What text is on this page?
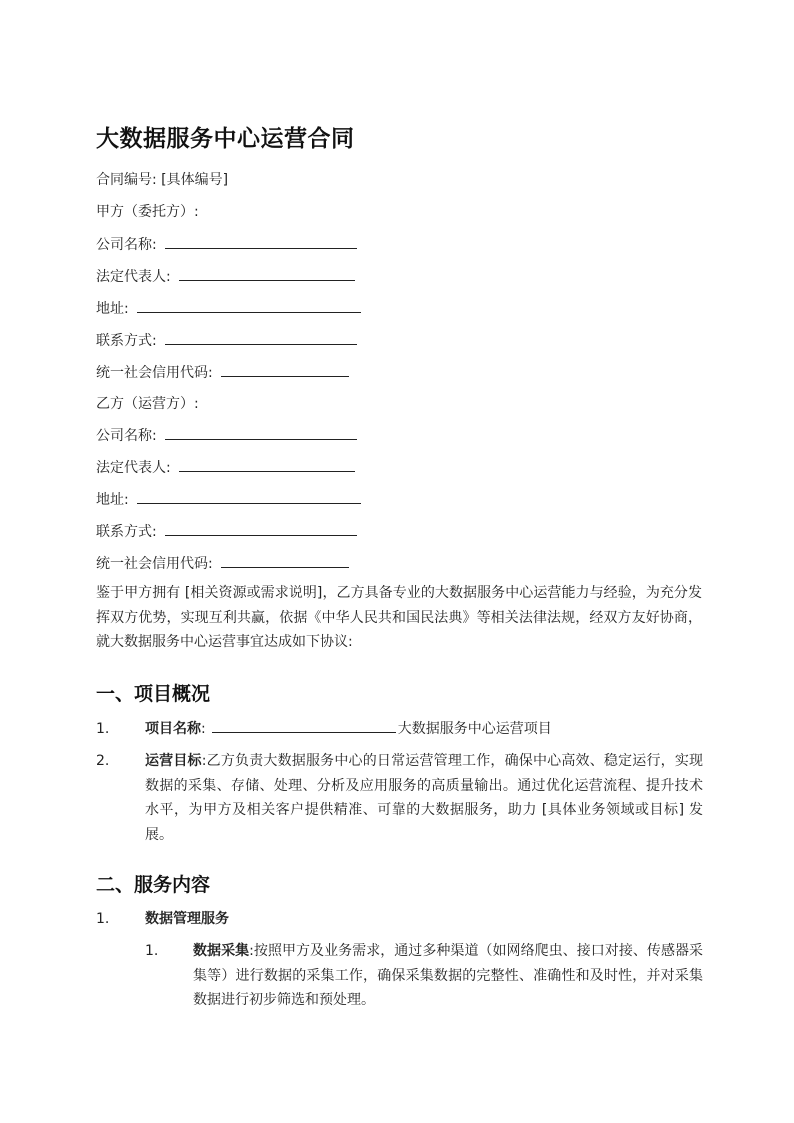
大数据服务中心运营合同
合同编号: [具体编号]
甲方（委托方）:
公司名称:
法定代表人:
地址:
联系方式:
统一社会信用代码:
乙方（运营方）:
公司名称:
法定代表人:
地址:
联系方式:
统一社会信用代码:
鉴于甲方拥有 [相关资源或需求说明]，乙方具备专业的大数据服务中心运营能力与经验，为充分发挥双方优势，实现互利共赢，依据《中华人民共和国民法典》等相关法律法规，经双方友好协商，就大数据服务中心运营事宜达成如下协议:
一、项目概况
1.	项目名称:	大数据服务中心运营项目
2.	运营目标:乙方负责大数据服务中心的日常运营管理工作，确保中心高效、稳定运行，实现数据的采集、存储、处理、分析及应用服务的高质量输出。通过优化运营流程、提升技术水平，为甲方及相关客户提供精准、可靠的大数据服务，助力 [具体业务领域或目标] 发展。
二、服务内容
1.	数据管理服务
1. 数据采集:按照甲方及业务需求，通过多种渠道（如网络爬虫、接口对接、传感器采集等）进行数据的采集工作，确保采集数据的完整性、准确性和及时性，并对采集数据进行初步筛选和预处理。
